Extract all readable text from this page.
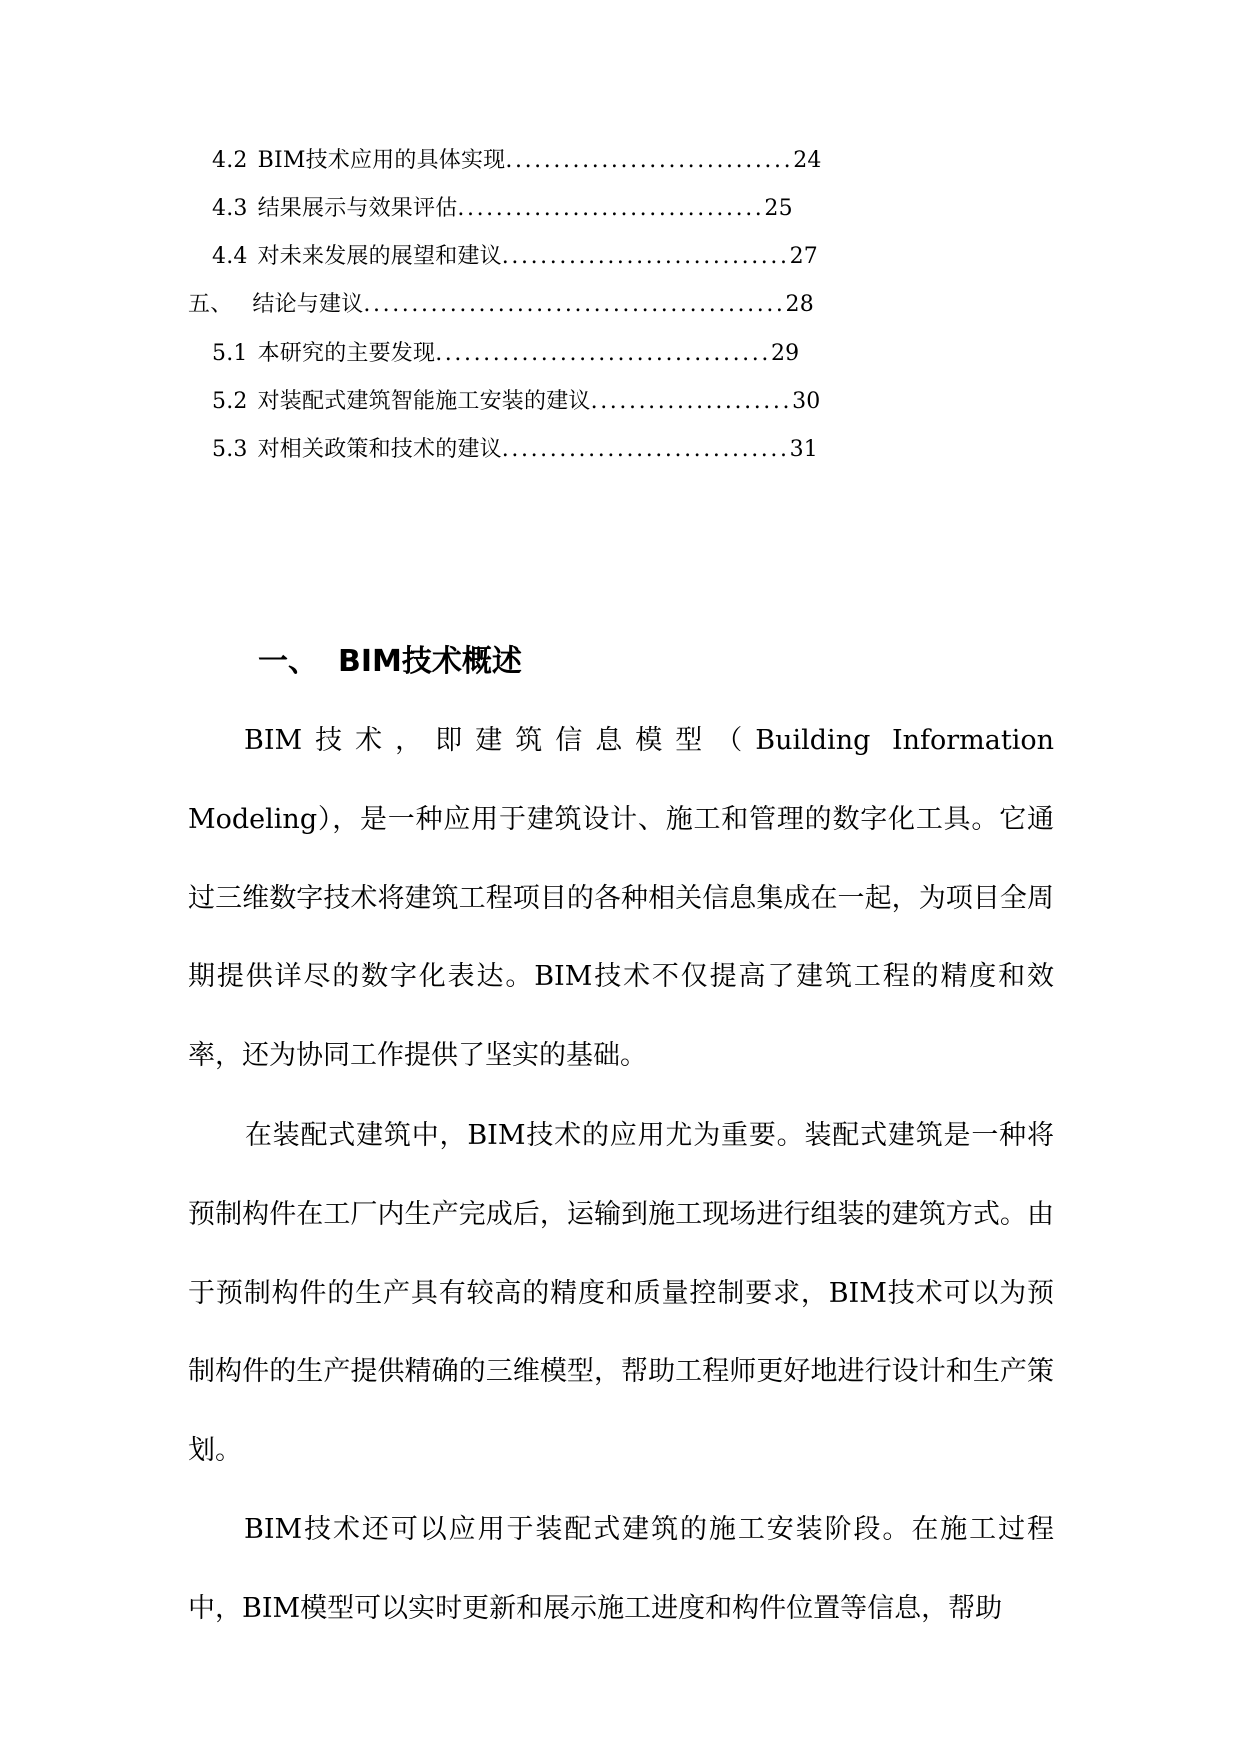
4.2 BIM技术应用的具体实现..............................24
4.3 结果展示与效果评估................................25
4.4 对未来发展的展望和建议..............................27
五、 结论与建议............................................28
5.1 本研究的主要发现...................................29
5.2 对装配式建筑智能施工安装的建议.....................30
5.3 对相关政策和技术的建议..............................31
一、 BIM技术概述

BIM技术，即建筑信息模型（Building Information Modeling），是一种应用于建筑设计、施工和管理的数字化工具。它通过三维数字技术将建筑工程项目的各种相关信息集成在一起，为项目全周期提供详尽的数字化表达。BIM技术不仅提高了建筑工程的精度和效率，还为协同工作提供了坚实的基础。

在装配式建筑中，BIM技术的应用尤为重要。装配式建筑是一种将预制构件在工厂内生产完成后，运输到施工现场进行组装的建筑方式。由于预制构件的生产具有较高的精度和质量控制要求，BIM技术可以为预制构件的生产提供精确的三维模型，帮助工程师更好地进行设计和生产策划。

BIM技术还可以应用于装配式建筑的施工安装阶段。在施工过程中，BIM模型可以实时更新和展示施工进度和构件位置等信息，帮助
